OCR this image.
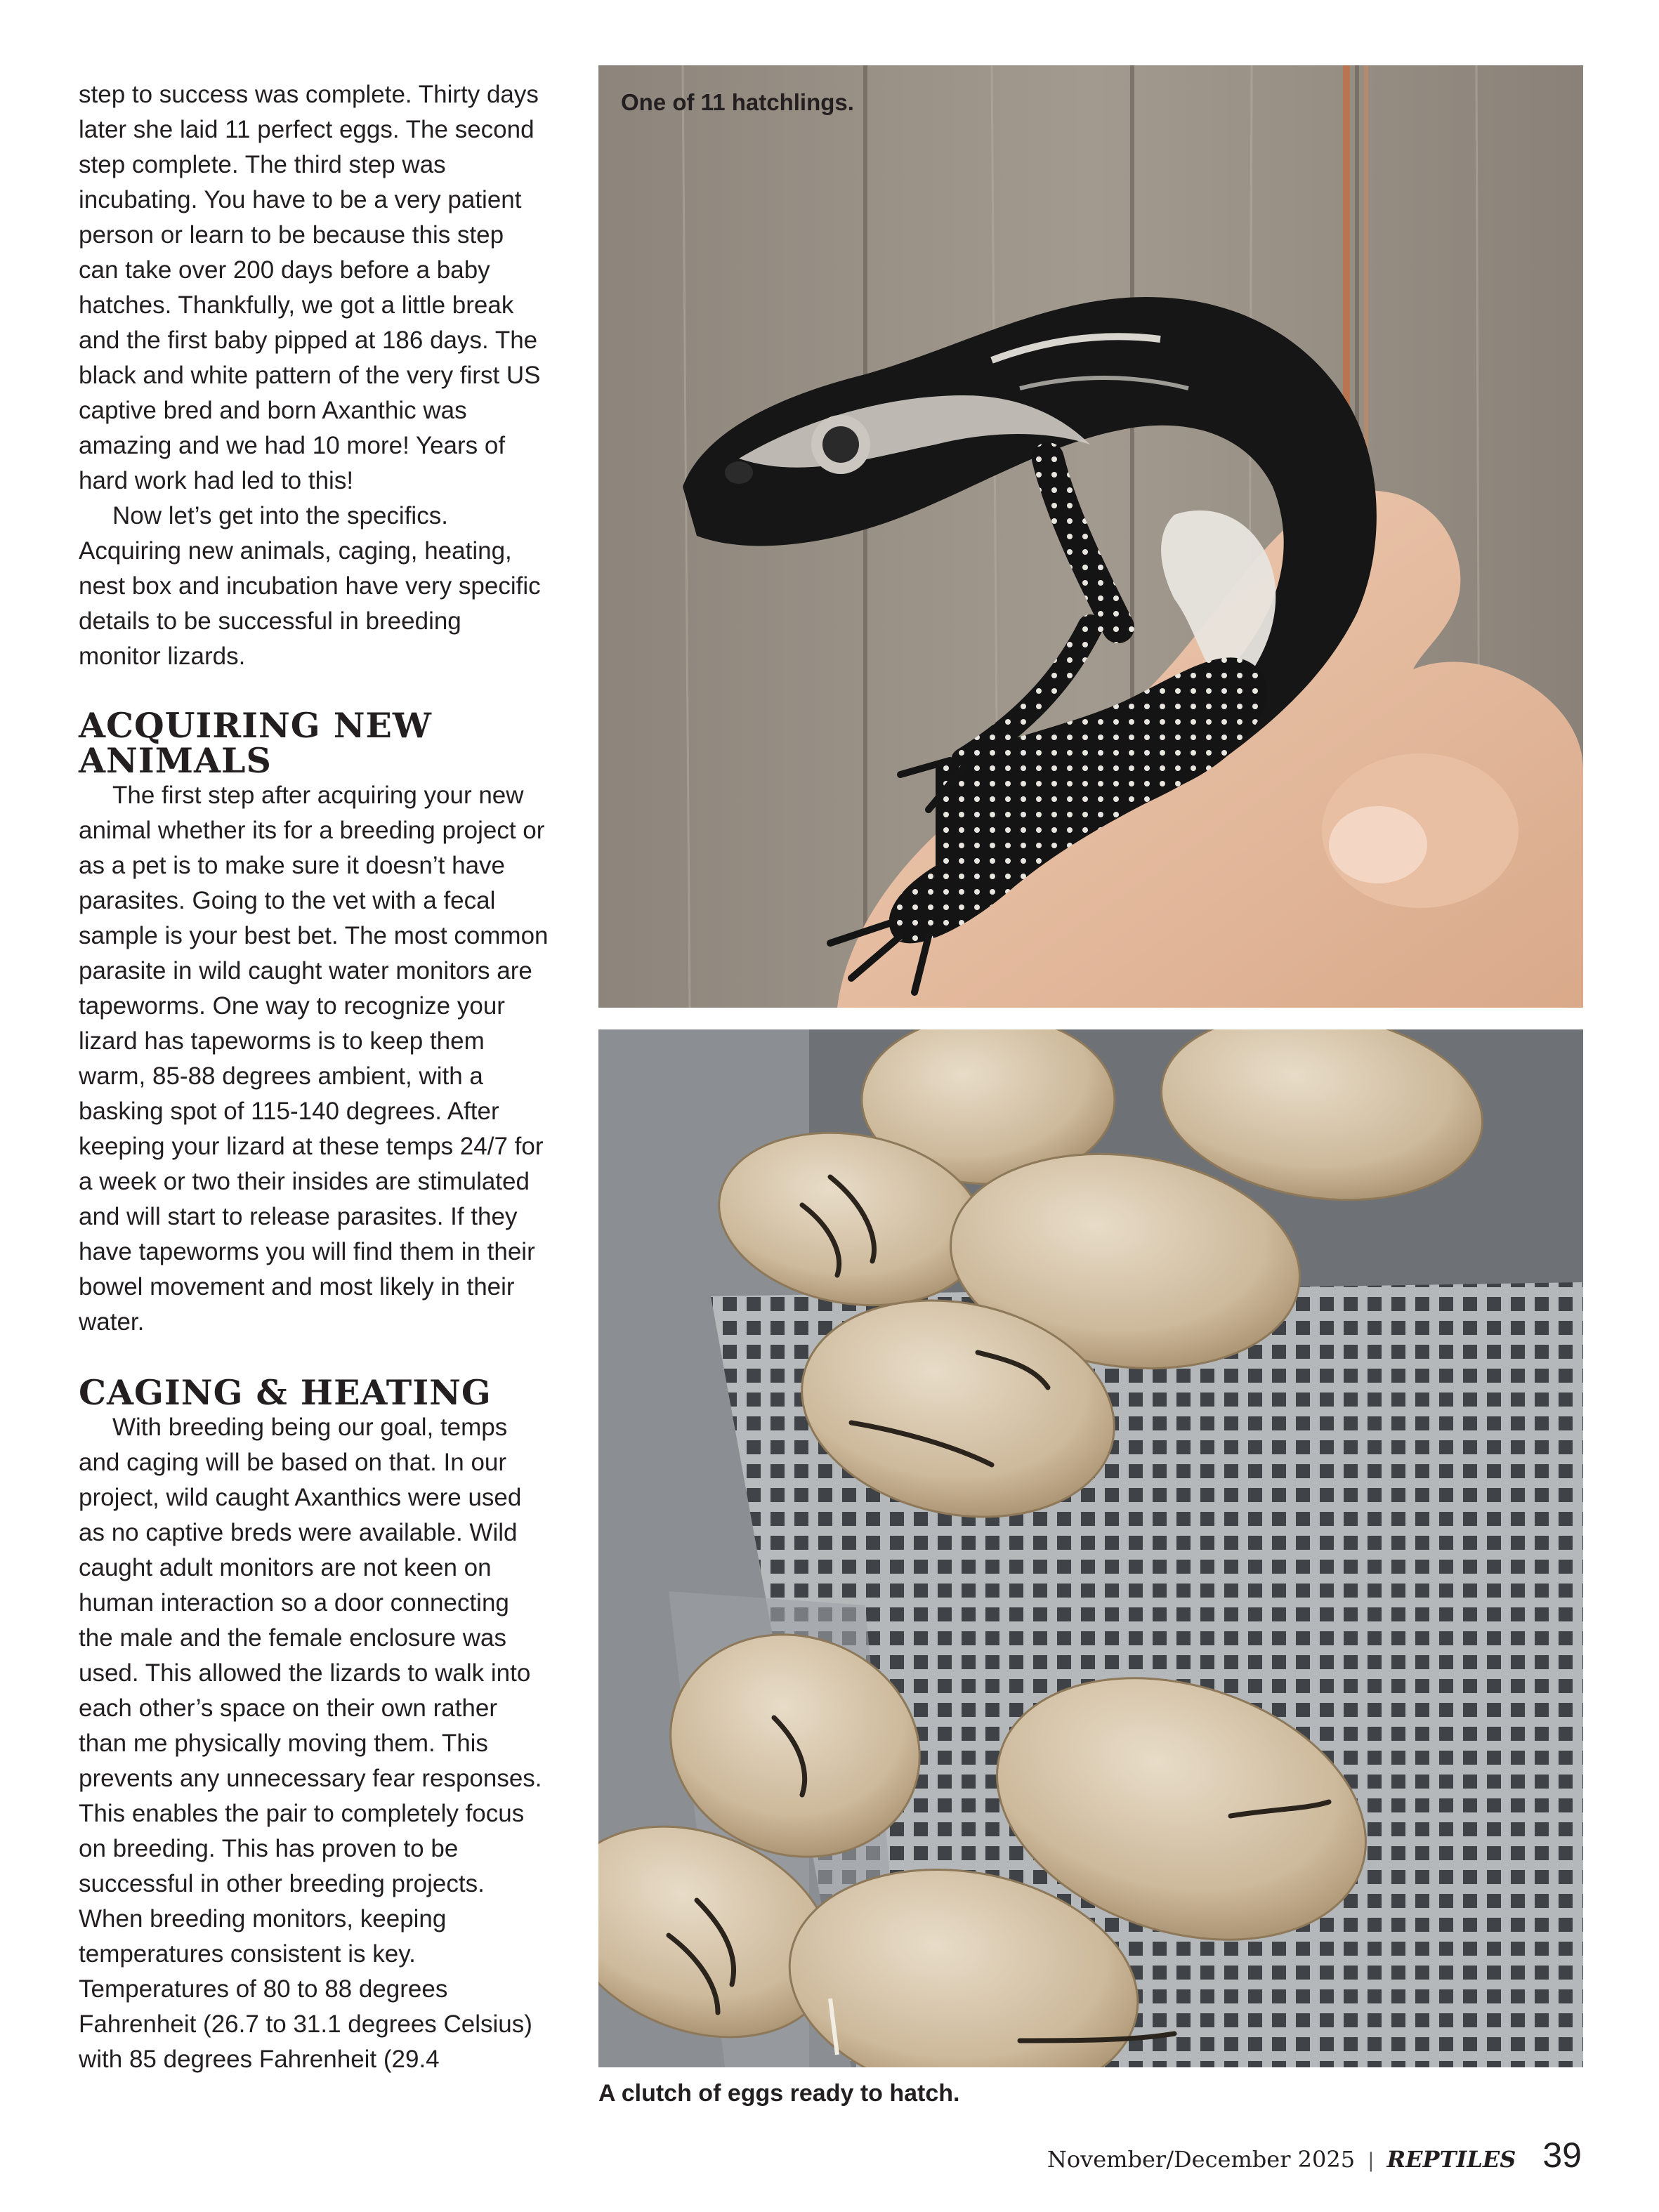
step to success was complete. Thirty days later she laid 11 perfect eggs. The second step complete. The third step was incubating. You have to be a very patient person or learn to be because this step can take over 200 days before a baby hatches. Thankfully, we got a little break and the first baby pipped at 186 days. The black and white pattern of the very first US captive bred and born Axanthic was amazing and we had 10 more! Years of hard work had led to this!

Now let’s get into the specifics. Acquiring new animals, caging, heating, nest box and incubation have very specific details to be successful in breeding monitor lizards.

ACQUIRING NEW
ANIMALS

The first step after acquiring your new animal whether its for a breeding project or as a pet is to make sure it doesn’t have parasites. Going to the vet with a fecal sample is your best bet. The most common parasite in wild caught water monitors are tapeworms. One way to recognize your lizard has tapeworms is to keep them warm, 85-88 degrees ambient, with a basking spot of 115-140 degrees. After keeping your lizard at these temps 24/7 for a week or two their insides are stimulated and will start to release parasites. If they have tapeworms you will find them in their bowel movement and most likely in their water.

CAGING & HEATING

With breeding being our goal, temps and caging will be based on that. In our project, wild caught Axanthics were used as no captive breds were available. Wild caught adult monitors are not keen on human interaction so a door connecting the male and the female enclosure was used. This allowed the lizards to walk into each other’s space on their own rather than me physically moving them. This prevents any unnecessary fear responses. This enables the pair to completely focus on breeding. This has proven to be successful in other breeding projects. When breeding monitors, keeping temperatures consistent is key. Temperatures of 80 to 88 degrees Fahrenheit (26.7 to 31.1 degrees Celsius) with 85 degrees Fahrenheit (29.4

One of 11 hatchlings.

A clutch of eggs ready to hatch.

November/December 2025 | REPTILES 39
